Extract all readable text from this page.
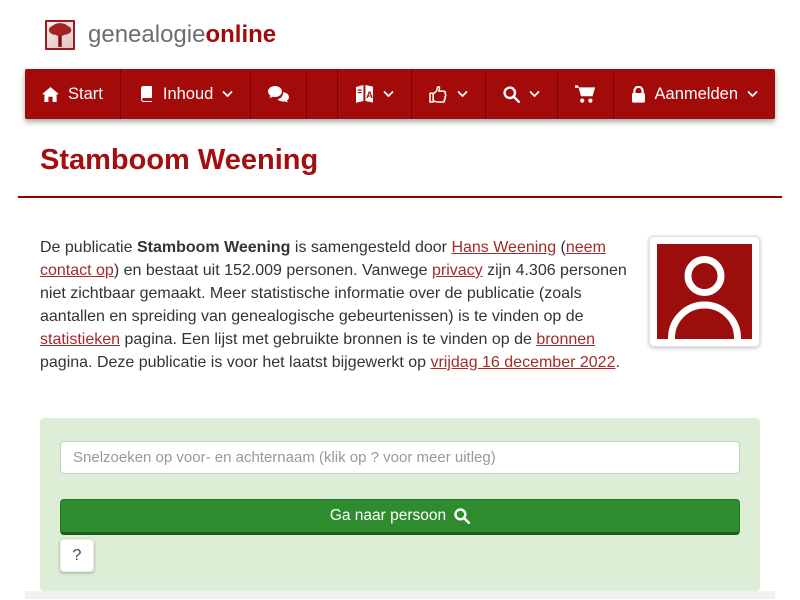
genealogieonline
Start	Inhoud	A	Aanmelden
Stamboom Weening
De publicatie Stamboom Weening is samengesteld door Hans Weening (neem contact op) en bestaat uit 152.009 personen. Vanwege privacy zijn 4.306 personen niet zichtbaar gemaakt. Meer statistische informatie over de publicatie (zoals aantallen en spreiding van genealogische gebeurtenissen) is te vinden op de statistieken pagina. Een lijst met gebruikte bronnen is te vinden op de bronnen pagina. Deze publicatie is voor het laatst bijgewerkt op vrijdag 16 december 2022.
Snelzoeken op voor- en achternaam (klik op ? voor meer uitleg)
Ga naar persoon
?
